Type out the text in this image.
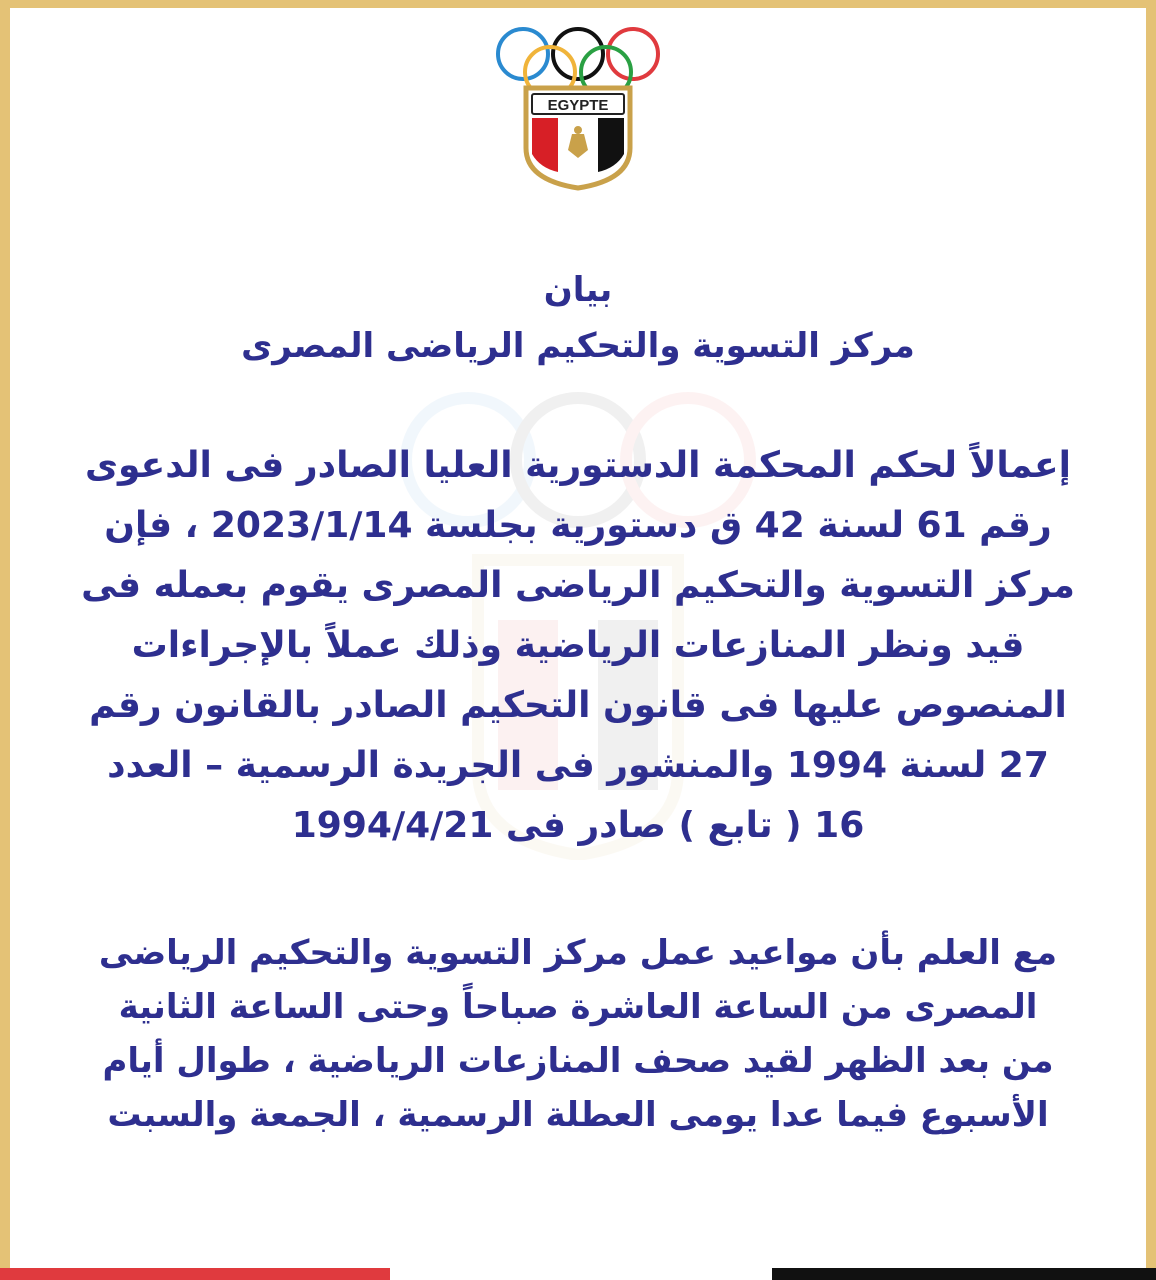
EGYPTE
بيان
مركز التسوية والتحكيم الرياضى المصرى
إعمالاً لحكم المحكمة الدستورية العليا الصادر فى الدعوى
رقم 61 لسنة 42 ق دستورية بجلسة 2023/1/14 ، فإن
مركز التسوية والتحكيم الرياضى المصرى يقوم بعمله فى
قيد ونظر المنازعات الرياضية وذلك عملاً بالإجراءات
المنصوص عليها فى قانون التحكيم الصادر بالقانون رقم
27 لسنة 1994 والمنشور فى الجريدة الرسمية – العدد
16 ( تابع ) صادر فى 1994/4/21
مع العلم بأن مواعيد عمل مركز التسوية والتحكيم الرياضى
المصرى من الساعة العاشرة صباحاً وحتى الساعة الثانية
من بعد الظهر لقيد صحف المنازعات الرياضية ، طوال أيام
الأسبوع فيما عدا يومى العطلة الرسمية ، الجمعة والسبت
